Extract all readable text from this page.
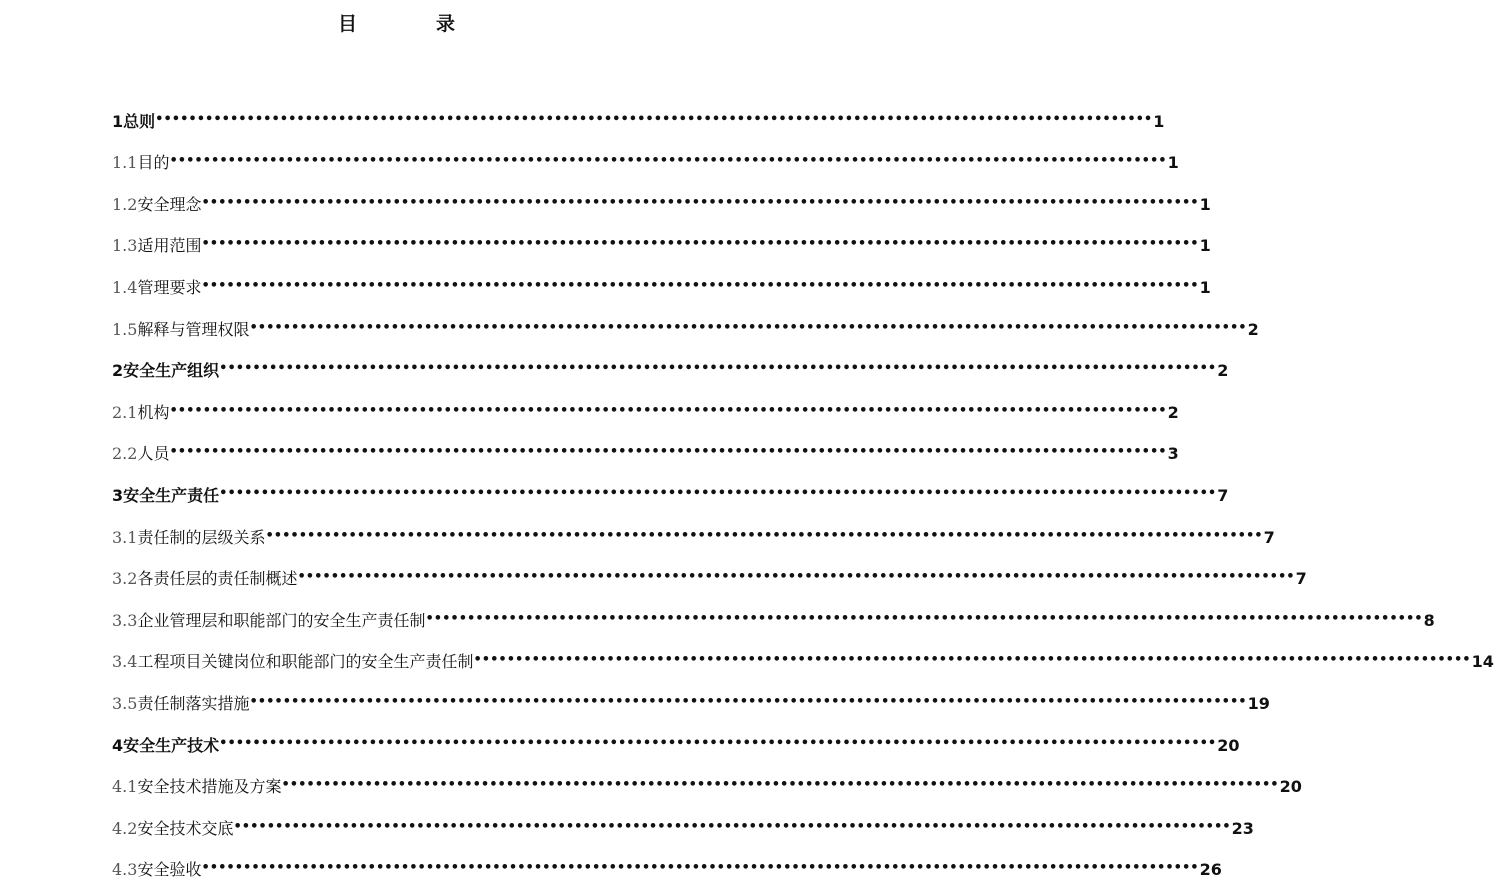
目　录
1 总则 •••••••••••••••••••••••••••••••••••••••••••••••••••••••••••••••••••••••••••••••••••••••••••••••••••••••••••••••••••••••• 1
1.1 目的 •••••••••••••••••••••••••••••••••••••••••••••••••••••••••••••••••••••••••••••••••••••••••••••••••••••••••••••••••••••••• 1
1.2 安全理念 •••••••••••••••••••••••••••••••••••••••••••••••••••••••••••••••••••••••••••••••••••••••••••••••••••••••••••••••••••••••• 1
1.3 适用范围 •••••••••••••••••••••••••••••••••••••••••••••••••••••••••••••••••••••••••••••••••••••••••••••••••••••••••••••••••••••••• 1
1.4 管理要求 •••••••••••••••••••••••••••••••••••••••••••••••••••••••••••••••••••••••••••••••••••••••••••••••••••••••••••••••••••••••• 1
1.5 解释与管理权限 •••••••••••••••••••••••••••••••••••••••••••••••••••••••••••••••••••••••••••••••••••••••••••••••••••••••••••••••••••••••• 2
2 安全生产组织 •••••••••••••••••••••••••••••••••••••••••••••••••••••••••••••••••••••••••••••••••••••••••••••••••••••••••••••••••••••••• 2
2.1 机构 •••••••••••••••••••••••••••••••••••••••••••••••••••••••••••••••••••••••••••••••••••••••••••••••••••••••••••••••••••••••• 2
2.2 人员 •••••••••••••••••••••••••••••••••••••••••••••••••••••••••••••••••••••••••••••••••••••••••••••••••••••••••••••••••••••••• 3
3 安全生产责任 •••••••••••••••••••••••••••••••••••••••••••••••••••••••••••••••••••••••••••••••••••••••••••••••••••••••••••••••••••••••• 7
3.1 责任制的层级关系 •••••••••••••••••••••••••••••••••••••••••••••••••••••••••••••••••••••••••••••••••••••••••••••••••••••••••••••••••••••••• 7
3.2 各责任层的责任制概述 •••••••••••••••••••••••••••••••••••••••••••••••••••••••••••••••••••••••••••••••••••••••••••••••••••••••••••••••••••••••• 7
3.3 企业管理层和职能部门的安全生产责任制 •••••••••••••••••••••••••••••••••••••••••••••••••••••••••••••••••••••••••••••••••••••••••••••••••••••••••••••••••••••••• 8
3.4 工程项目关键岗位和职能部门的安全生产责任制 •••••••••••••••••••••••••••••••••••••••••••••••••••••••••••••••••••••••••••••••••••••••••••••••••••••••••••••••••••••••• 14
3.5 责任制落实措施 •••••••••••••••••••••••••••••••••••••••••••••••••••••••••••••••••••••••••••••••••••••••••••••••••••••••••••••••••••••••• 19
4 安全生产技术 •••••••••••••••••••••••••••••••••••••••••••••••••••••••••••••••••••••••••••••••••••••••••••••••••••••••••••••••••••••••• 20
4.1 安全技术措施及方案 •••••••••••••••••••••••••••••••••••••••••••••••••••••••••••••••••••••••••••••••••••••••••••••••••••••••••••••••••••••••• 20
4.2 安全技术交底 •••••••••••••••••••••••••••••••••••••••••••••••••••••••••••••••••••••••••••••••••••••••••••••••••••••••••••••••••••••••• 23
4.3 安全验收 •••••••••••••••••••••••••••••••••••••••••••••••••••••••••••••••••••••••••••••••••••••••••••••••••••••••••••••••••••••••• 26
